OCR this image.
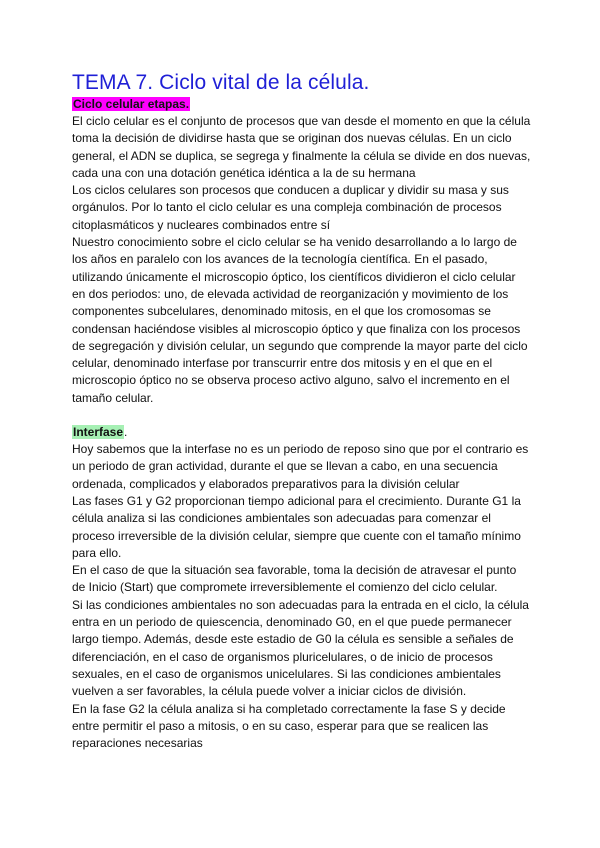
TEMA 7. Ciclo vital de la célula.

Ciclo celular etapas.

El ciclo celular es el conjunto de procesos que van desde el momento en que la célula toma la decisión de dividirse hasta que se originan dos nuevas células. En un ciclo general, el ADN se duplica, se segrega y finalmente la célula se divide en dos nuevas, cada una con una dotación genética idéntica a la de su hermana

Los ciclos celulares son procesos que conducen a duplicar y dividir su masa y sus orgánulos. Por lo tanto el ciclo celular es una compleja combinación de procesos citoplasmáticos y nucleares combinados entre sí

Nuestro conocimiento sobre el ciclo celular se ha venido desarrollando a lo largo de los años en paralelo con los avances de la tecnología científica. En el pasado, utilizando únicamente el microscopio óptico, los científicos dividieron el ciclo celular en dos periodos: uno, de elevada actividad de reorganización y movimiento de los componentes subcelulares, denominado mitosis, en el que los cromosomas se condensan haciéndose visibles al microscopio óptico y que finaliza con los procesos de segregación y división celular, un segundo que comprende la mayor parte del ciclo celular, denominado interfase por transcurrir entre dos mitosis y en el que en el microscopio óptico no se observa proceso activo alguno, salvo el incremento en el tamaño celular.

Interfase.

Hoy sabemos que la interfase no es un periodo de reposo sino que por el contrario es un periodo de gran actividad, durante el que se llevan a cabo, en una secuencia ordenada, complicados y elaborados preparativos para la división celular

Las fases G1 y G2 proporcionan tiempo adicional para el crecimiento. Durante G1 la célula analiza si las condiciones ambientales son adecuadas para comenzar el proceso irreversible de la división celular, siempre que cuente con el tamaño mínimo para ello.

En el caso de que la situación sea favorable, toma la decisión de atravesar el punto de Inicio (Start) que compromete irreversiblemente el comienzo del ciclo celular.

Si las condiciones ambientales no son adecuadas para la entrada en el ciclo, la célula entra en un periodo de quiescencia, denominado G0, en el que puede permanecer largo tiempo. Además, desde este estadio de G0 la célula es sensible a señales de diferenciación, en el caso de organismos pluricelulares, o de inicio de procesos sexuales, en el caso de organismos unicelulares. Si las condiciones ambientales vuelven a ser favorables, la célula puede volver a iniciar ciclos de división.

En la fase G2 la célula analiza si ha completado correctamente la fase S y decide entre permitir el paso a mitosis, o en su caso, esperar para que se realicen las reparaciones necesarias
